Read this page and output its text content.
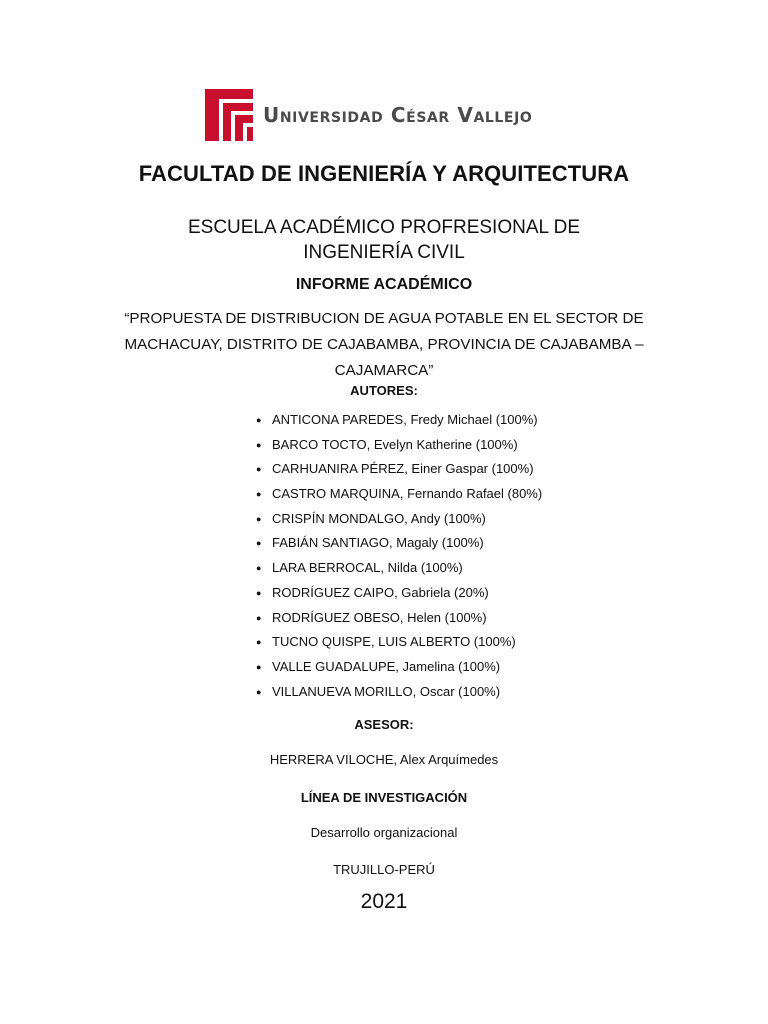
Universidad César Vallejo
FACULTAD DE INGENIERÍA Y ARQUITECTURA
ESCUELA ACADÉMICO PROFRESIONAL DE
INGENIERÍA CIVIL
INFORME ACADÉMICO
“PROPUESTA DE DISTRIBUCION DE AGUA POTABLE EN EL SECTOR DE
MACHACUAY, DISTRITO DE CAJABAMBA, PROVINCIA DE CAJABAMBA –
CAJAMARCA”
AUTORES:
● ANTICONA PAREDES, Fredy Michael (100%)
● BARCO TOCTO, Evelyn Katherine (100%)
● CARHUANIRA PÉREZ, Einer Gaspar (100%)
● CASTRO MARQUINA, Fernando Rafael (80%)
● CRISPÍN MONDALGO, Andy (100%)
● FABIÁN SANTIAGO, Magaly (100%)
● LARA BERROCAL, Nilda (100%)
● RODRÍGUEZ CAIPO, Gabriela (20%)
● RODRÍGUEZ OBESO, Helen (100%)
● TUCNO QUISPE, LUIS ALBERTO (100%)
● VALLE GUADALUPE, Jamelina (100%)
● VILLANUEVA MORILLO, Oscar (100%)
ASESOR:
HERRERA VILOCHE, Alex Arquímedes
LÍNEA DE INVESTIGACIÓN
Desarrollo organizacional
TRUJILLO-PERÚ
2021
